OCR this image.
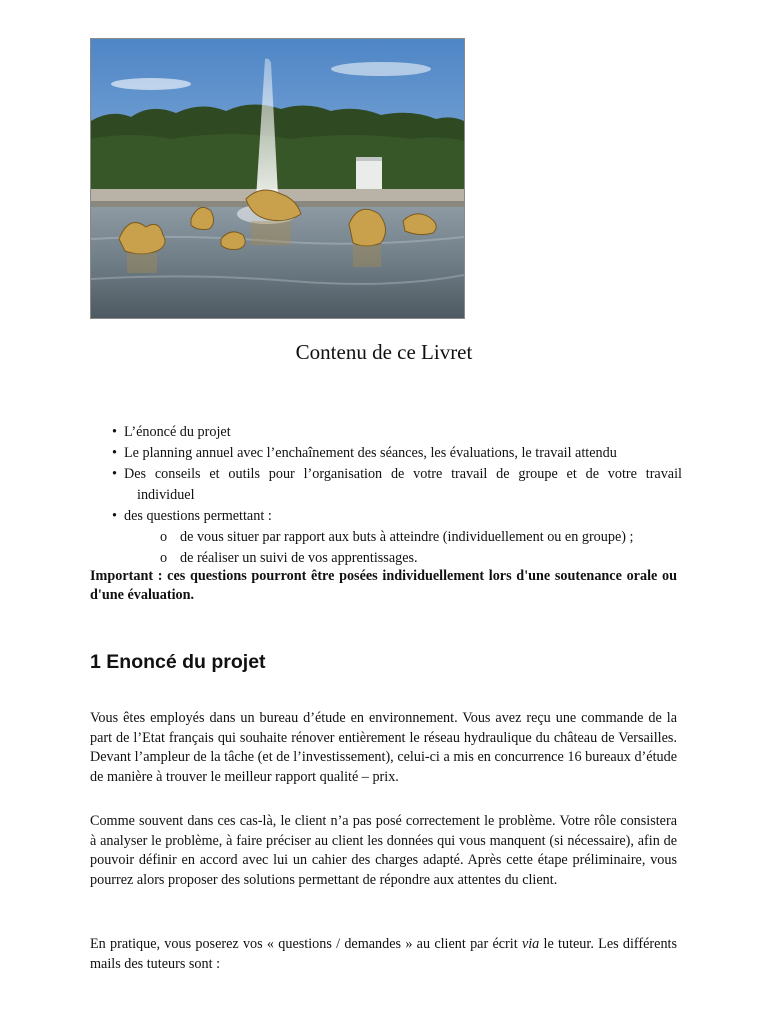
Contenu de ce Livret
• L’énoncé du projet
• Le planning annuel avec l’enchaînement des séances, les évaluations, le travail attendu
• Des conseils et outils pour l’organisation de votre travail de groupe et de votre travail
individuel
• des questions permettant :
o de vous situer par rapport aux buts à atteindre (individuellement ou en groupe) ;
o de réaliser un suivi de vos apprentissages.
Important : ces questions pourront être posées individuellement lors d'une soutenance orale ou d'une évaluation.
1 Enoncé du projet
Vous êtes employés dans un bureau d’étude en environnement. Vous avez reçu une commande de la part de l’Etat français qui souhaite rénover entièrement le réseau hydraulique du château de Versailles. Devant l’ampleur de la tâche (et de l’investissement), celui-ci a mis en concurrence 16 bureaux d’étude de manière à trouver le meilleur rapport qualité – prix.
Comme souvent dans ces cas-là, le client n’a pas posé correctement le problème. Votre rôle consistera à analyser le problème, à faire préciser au client les données qui vous manquent (si nécessaire), afin de pouvoir définir en accord avec lui un cahier des charges adapté. Après cette étape préliminaire, vous pourrez alors proposer des solutions permettant de répondre aux attentes du client.
En pratique, vous poserez vos « questions / demandes » au client par écrit via le tuteur. Les différents mails des tuteurs sont :
